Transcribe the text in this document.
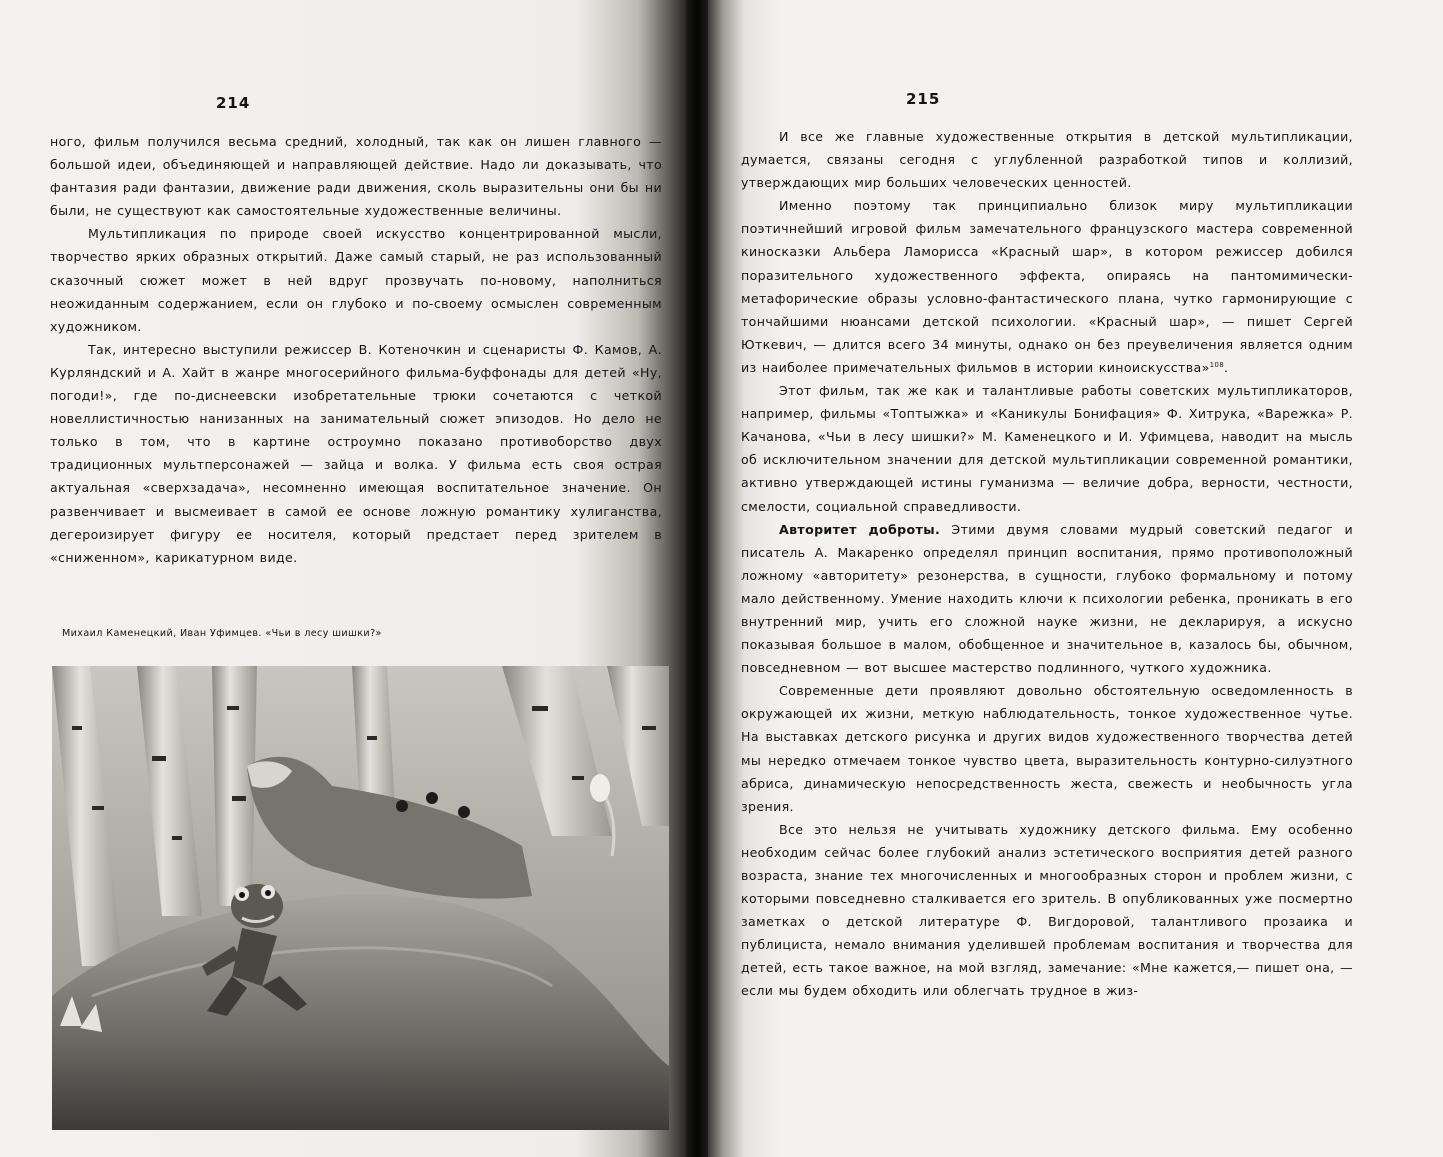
214

ного, фильм получился весьма средний, холодный, так как он лишен главного — большой идеи, объединяющей и направляющей действие. Надо ли доказывать, что фантазия ради фантазии, движение ради движения, сколь выразительны они бы ни были, не существуют как самостоятельные художественные величины.

Мультипликация по природе своей искусство концентрированной мысли, творчество ярких образных открытий. Даже самый старый, не раз использованный сказочный сюжет может в ней вдруг прозвучать по-новому, наполниться неожиданным содержанием, если он глубоко и по-своему осмыслен современным художником.

Так, интересно выступили режиссер В. Котеночкин и сценаристы Ф. Камов, А. Курляндский и А. Хайт в жанре многосерийного фильма-буффонады для детей «Ну, погоди!», где по-диснеевски изобретательные трюки сочетаются с четкой новеллистичностью нанизанных на занимательный сюжет эпизодов. Но дело не только в том, что в картине остроумно показано противоборство двух традиционных мультперсонажей — зайца и волка. У фильма есть своя острая актуальная «сверхзадача», несомненно имеющая воспитательное значение. Он развенчивает и высмеивает в самой ее основе ложную романтику хулиганства, дегероизирует фигуру ее носителя, который предстает перед зрителем в «сниженном», карикатурном виде.

Михаил Каменецкий, Иван Уфимцев. «Чьи в лесу шишки?»
215

И все же главные художественные открытия в детской мультипликации, думается, связаны сегодня с углубленной разработкой типов и коллизий, утверждающих мир больших человеческих ценностей.

Именно поэтому так принципиально близок миру мультипликации поэтичнейший игровой фильм замечательного французского мастера современной киносказки Альбера Ламорисса «Красный шар», в котором режиссер добился поразительного художественного эффекта, опираясь на пантомимически-метафорические образы условно-фантастического плана, чутко гармонирующие с тончайшими нюансами детской психологии. «Красный шар», — пишет Сергей Юткевич, — длится всего 34 минуты, однако он без преувеличения является одним из наиболее примечательных фильмов в истории киноискусства»$^{108}$.

Этот фильм, так же как и талантливые работы советских мультипликаторов, например, фильмы «Топтыжка» и «Каникулы Бонифация» Ф. Хитрука, «Варежка» Р. Качанова, «Чьи в лесу шишки?» М. Каменецкого и И. Уфимцева, наводит на мысль об исключительном значении для детской мультипликации современной романтики, активно утверждающей истины гуманизма — величие добра, верности, честности, смелости, социальной справедливости.

Авторитет доброты. Этими двумя словами мудрый советский педагог и писатель А. Макаренко определял принцип воспитания, прямо противоположный ложному «авторитету» резонерства, в сущности, глубоко формальному и потому мало действенному. Умение находить ключи к психологии ребенка, проникать в его внутренний мир, учить его сложной науке жизни, не декларируя, а искусно показывая большое в малом, обобщенное и значительное в, казалось бы, обычном, повседневном — вот высшее мастерство подлинного, чуткого художника.

Современные дети проявляют довольно обстоятельную осведомленность в окружающей их жизни, меткую наблюдательность, тонкое художественное чутье. На выставках детского рисунка и других видов художественного творчества детей мы нередко отмечаем тонкое чувство цвета, выразительность контурно-силуэтного абриса, динамическую непосредственность жеста, свежесть и необычность угла зрения.

Все это нельзя не учитывать художнику детского фильма. Ему особенно необходим сейчас более глубокий анализ эстетического восприятия детей разного возраста, знание тех многочисленных и многообразных сторон и проблем жизни, с которыми повседневно сталкивается его зритель. В опубликованных уже посмертно заметках о детской литературе Ф. Вигдоровой, талантливого прозаика и публициста, немало внимания уделившей проблемам воспитания и творчества для детей, есть такое важное, на мой взгляд, замечание: «Мне кажется,— пишет она, — если мы будем обходить или облегчать трудное в жиз-
